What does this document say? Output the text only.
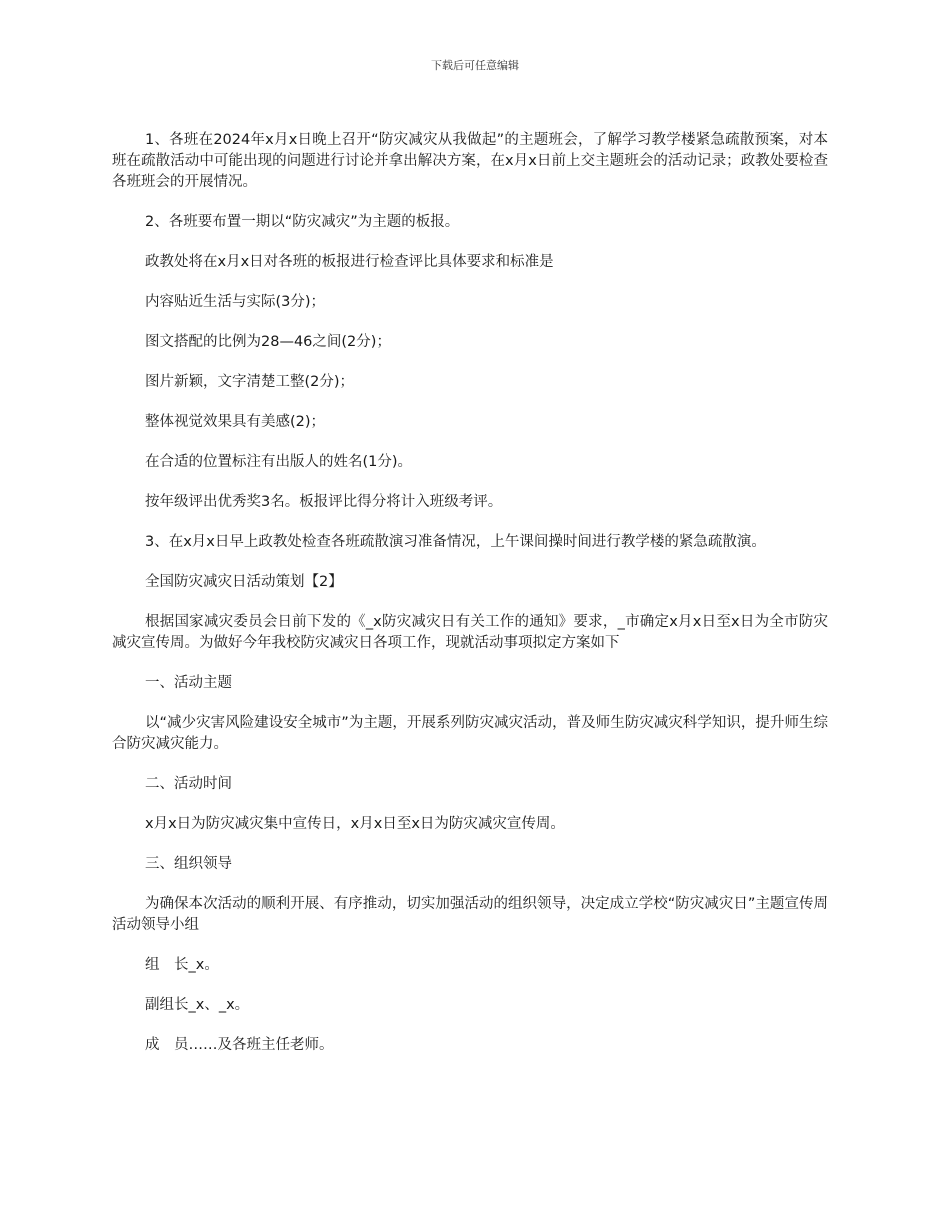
下载后可任意编辑

1、各班在2024年x月x日晚上召开“防灾减灾从我做起”的主题班会，了解学习教学楼紧急疏散预案，对本班在疏散活动中可能出现的问题进行讨论并拿出解决方案，在x月x日前上交主题班会的活动记录；政教处要检查各班班会的开展情况。

2、各班要布置一期以“防灾减灾”为主题的板报。

政教处将在x月x日对各班的板报进行检查评比具体要求和标准是

内容贴近生活与实际(3分)；

图文搭配的比例为28—46之间(2分)；

图片新颖，文字清楚工整(2分)；

整体视觉效果具有美感(2)；

在合适的位置标注有出版人的姓名(1分)。

按年级评出优秀奖3名。板报评比得分将计入班级考评。

3、在x月x日早上政教处检查各班疏散演习准备情况，上午课间操时间进行教学楼的紧急疏散演。

全国防灾减灾日活动策划【2】

根据国家减灾委员会日前下发的《_x防灾减灾日有关工作的通知》要求，_市确定x月x日至x日为全市防灾减灾宣传周。为做好今年我校防灾减灾日各项工作，现就活动事项拟定方案如下

一、活动主题

以“减少灾害风险建设安全城市”为主题，开展系列防灾减灾活动，普及师生防灾减灾科学知识，提升师生综合防灾减灾能力。

二、活动时间

x月x日为防灾减灾集中宣传日，x月x日至x日为防灾减灾宣传周。

三、组织领导

为确保本次活动的顺利开展、有序推动，切实加强活动的组织领导，决定成立学校“防灾减灾日”主题宣传周活动领导小组

组　长_x。

副组长_x、_x。

成　员……及各班主任老师。
